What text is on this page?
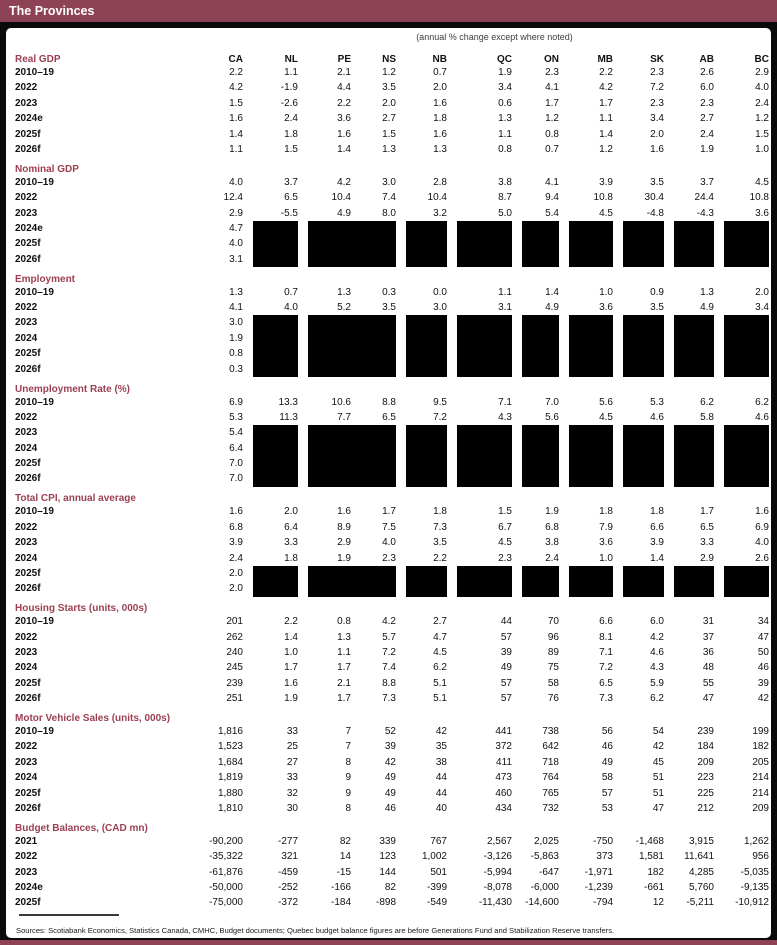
The Provinces
(annual % change except where noted)
Real GDP	CA	NL	PE	NS	NB	QC	ON	MB	SK	AB	BC
2010–19	2.2	1.1	2.1	1.2	0.7	1.9	2.3	2.2	2.3	2.6	2.9
2022	4.2	-1.9	4.4	3.5	2.0	3.4	4.1	4.2	7.2	6.0	4.0
2023	1.5	-2.6	2.2	2.0	1.6	0.6	1.7	1.7	2.3	2.3	2.4
2024e	1.6	2.4	3.6	2.7	1.8	1.3	1.2	1.1	3.4	2.7	1.2
2025f	1.4	1.8	1.6	1.5	1.6	1.1	0.8	1.4	2.0	2.4	1.5
2026f	1.1	1.5	1.4	1.3	1.3	0.8	0.7	1.2	1.6	1.9	1.0
Nominal GDP
2010–19	4.0	3.7	4.2	3.0	2.8	3.8	4.1	3.9	3.5	3.7	4.5
2022	12.4	6.5	10.4	7.4	10.4	8.7	9.4	10.8	30.4	24.4	10.8
2023	2.9	-5.5	4.9	8.0	3.2	5.0	5.4	4.5	-4.8	-4.3	3.6
2024e	4.7
2025f	4.0
2026f	3.1
Employment
2010–19	1.3	0.7	1.3	0.3	0.0	1.1	1.4	1.0	0.9	1.3	2.0
2022	4.1	4.0	5.2	3.5	3.0	3.1	4.9	3.6	3.5	4.9	3.4
2023	3.0
2024	1.9
2025f	0.8
2026f	0.3
Unemployment Rate (%)
2010–19	6.9	13.3	10.6	8.8	9.5	7.1	7.0	5.6	5.3	6.2	6.2
2022	5.3	11.3	7.7	6.5	7.2	4.3	5.6	4.5	4.6	5.8	4.6
2023	5.4
2024	6.4
2025f	7.0
2026f	7.0
Total CPI, annual average
2010–19	1.6	2.0	1.6	1.7	1.8	1.5	1.9	1.8	1.8	1.7	1.6
2022	6.8	6.4	8.9	7.5	7.3	6.7	6.8	7.9	6.6	6.5	6.9
2023	3.9	3.3	2.9	4.0	3.5	4.5	3.8	3.6	3.9	3.3	4.0
2024	2.4	1.8	1.9	2.3	2.2	2.3	2.4	1.0	1.4	2.9	2.6
2025f	2.0
2026f	2.0
Housing Starts (units, 000s)
2010–19	201	2.2	0.8	4.2	2.7	44	70	6.6	6.0	31	34
2022	262	1.4	1.3	5.7	4.7	57	96	8.1	4.2	37	47
2023	240	1.0	1.1	7.2	4.5	39	89	7.1	4.6	36	50
2024	245	1.7	1.7	7.4	6.2	49	75	7.2	4.3	48	46
2025f	239	1.6	2.1	8.8	5.1	57	58	6.5	5.9	55	39
2026f	251	1.9	1.7	7.3	5.1	57	76	7.3	6.2	47	42
Motor Vehicle Sales (units, 000s)
2010–19	1,816	33	7	52	42	441	738	56	54	239	199
2022	1,523	25	7	39	35	372	642	46	42	184	182
2023	1,684	27	8	42	38	411	718	49	45	209	205
2024	1,819	33	9	49	44	473	764	58	51	223	214
2025f	1,880	32	9	49	44	460	765	57	51	225	214
2026f	1,810	30	8	46	40	434	732	53	47	212	209
Budget Balances, (CAD mn)
2021	-90,200	-277	82	339	767	2,567	2,025	-750	-1,468	3,915	1,262
2022	-35,322	321	14	123	1,002	-3,126	-5,863	373	1,581	11,641	956
2023	-61,876	-459	-15	144	501	-5,994	-647	-1,971	182	4,285	-5,035
2024e	-50,000	-252	-166	82	-399	-8,078	-6,000	-1,239	-661	5,760	-9,135
2025f	-75,000	-372	-184	-898	-549	-11,430	-14,600	-794	12	-5,211	-10,912
Sources: Scotiabank Economics, Statistics Canada, CMHC, Budget documents; Quebec budget balance figures are before Generations Fund and Stabilization Reserve transfers.
